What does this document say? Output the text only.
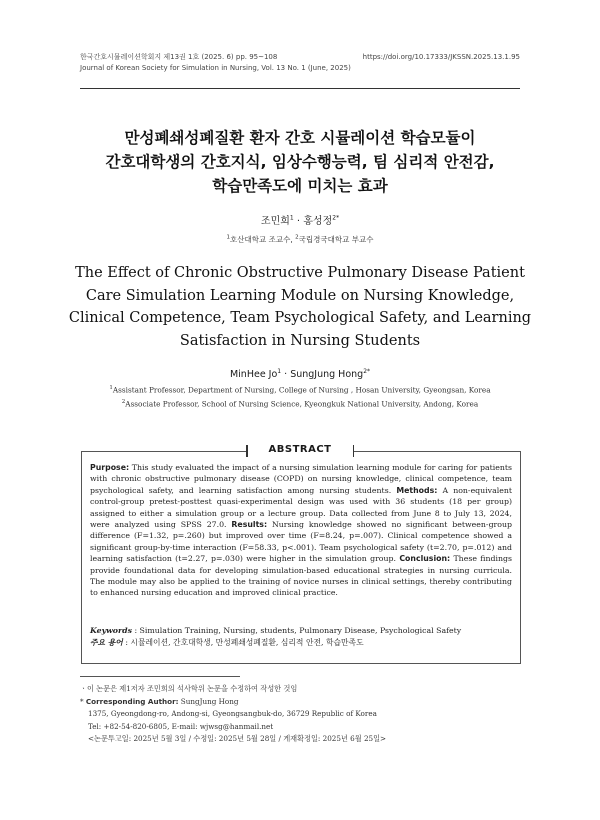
한국간호시뮬레이션학회지 제13권 1호 (2025. 6) pp. 95~108
Journal of Korean Society for Simulation in Nursing, Vol. 13 No. 1 (June, 2025)
https://doi.org/10.17333/JKSSN.2025.13.1.95
만성폐쇄성폐질환 환자 간호 시뮬레이션 학습모듈이
간호대학생의 간호지식, 임상수행능력, 팀 심리적 안전감,
학습만족도에 미치는 효과
조민희$^1$ · 홍성정$^{2*}$
$^1$호산대학교 조교수, $^2$국립경국대학교 부교수
The Effect of Chronic Obstructive Pulmonary Disease Patient
Care Simulation Learning Module on Nursing Knowledge,
Clinical Competence, Team Psychological Safety, and Learning
Satisfaction in Nursing Students
MinHee $Jo^1$ · SungJung Hong$^{2*}$
$^1$Assistant Professor, Department of Nursing, College of Nursing , Hosan University, Gyeongsan, Korea
$^2$Associate Professor, School of Nursing Science, Kyeongkuk National University, Andong, Korea
ABSTRACT
Purpose: This study evaluated the impact of a nursing simulation learning module for caring for patients with chronic obstructive pulmonary disease (COPD) on nursing knowledge, clinical competence, team psychological safety, and learning satisfaction among nursing students. Methods: A non-equivalent control-group pretest-posttest quasi-experimental design was used with 36 students (18 per group) assigned to either a simulation group or a lecture group. Data collected from June 8 to July 13, 2024, were analyzed using SPSS 27.0. Results: Nursing knowledge showed no significant between-group difference (F=1.32, p=.260) but improved over time (F=8.24, p=.007). Clinical competence showed a significant group-by-time interaction (F=58.33, p<.001). Team psychological safety (t=2.70, p=.012) and learning satisfaction (t=2.27, p=.030) were higher in the simulation group. Conclusion: These findings provide foundational data for developing simulation-based educational strategies in nursing curricula. The module may also be applied to the training of novice nurses in clinical settings, thereby contributing to enhanced nursing education and improved clinical practice.
Keywords : Simulation Training, Nursing, students, Pulmonary Disease, Psychological Safety
주요 용어 : 시뮬레이션, 간호대학생, 만성폐쇄성폐질환, 심리적 안전, 학습만족도
ㆍ이 논문은 제1저자 조민희의 석사학위 논문을 수정하여 작성한 것임
* Corresponding Author: SungJung Hong
1375, Gyeongdong-ro, Andong-si, Gyeongsangbuk-do, 36729 Republic of Korea
Tel: +82-54-820-6805, E-mail: wjwsg@hanmail.net
<논문투고일: 2025년 5월 3일 / 수정일: 2025년 5월 28일 / 게재확정일: 2025년 6월 25일>
